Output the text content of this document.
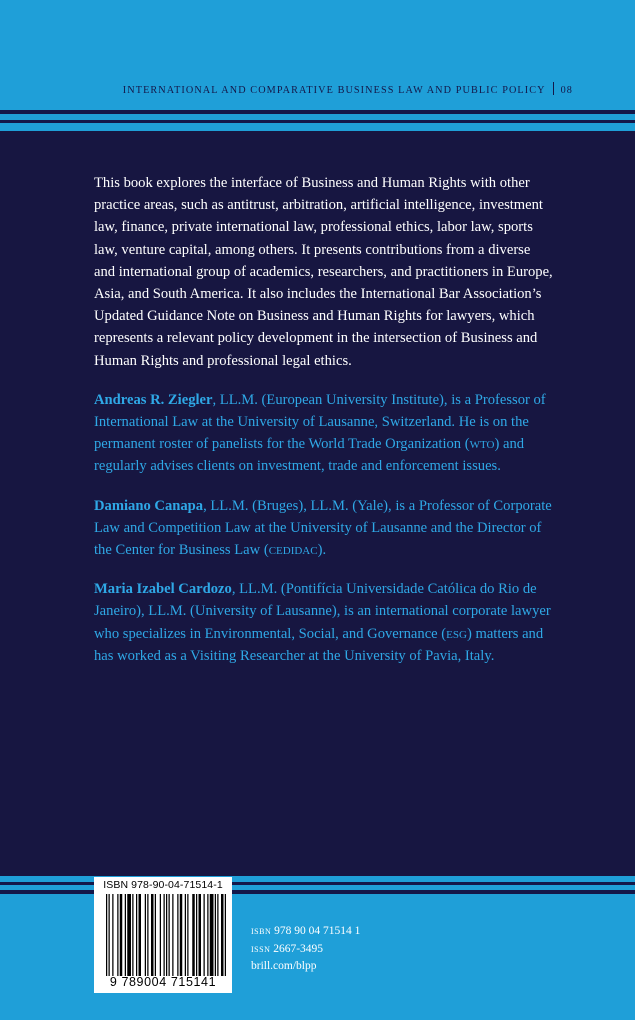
INTERNATIONAL AND COMPARATIVE BUSINESS LAW AND PUBLIC POLICY 08

This book explores the interface of Business and Human Rights with other practice areas, such as antitrust, arbitration, artificial intelligence, investment law, finance, private international law, professional ethics, labor law, sports law, venture capital, among others. It presents contributions from a diverse and international group of academics, researchers, and practitioners in Europe, Asia, and South America. It also includes the International Bar Association’s Updated Guidance Note on Business and Human Rights for lawyers, which represents a relevant policy development in the intersection of Business and Human Rights and professional legal ethics.

Andreas R. Ziegler, LL.M. (European University Institute), is a Professor of International Law at the University of Lausanne, Switzerland. He is on the permanent roster of panelists for the World Trade Organization (wto) and regularly advises clients on investment, trade and enforcement issues.

Damiano Canapa, LL.M. (Bruges), LL.M. (Yale), is a Professor of Corporate Law and Competition Law at the University of Lausanne and the Director of the Center for Business Law (cedidac).

Maria Izabel Cardozo, LL.M. (Pontifícia Universidade Católica do Rio de Janeiro), LL.M. (University of Lausanne), is an international corporate lawyer who specializes in Environmental, Social, and Governance (esg) matters and has worked as a Visiting Researcher at the University of Pavia, Italy.

ISBN 978-90-04-71514-1
9 789004 715141
isbn 978 90 04 71514 1
issn 2667-3495
brill.com/blpp
